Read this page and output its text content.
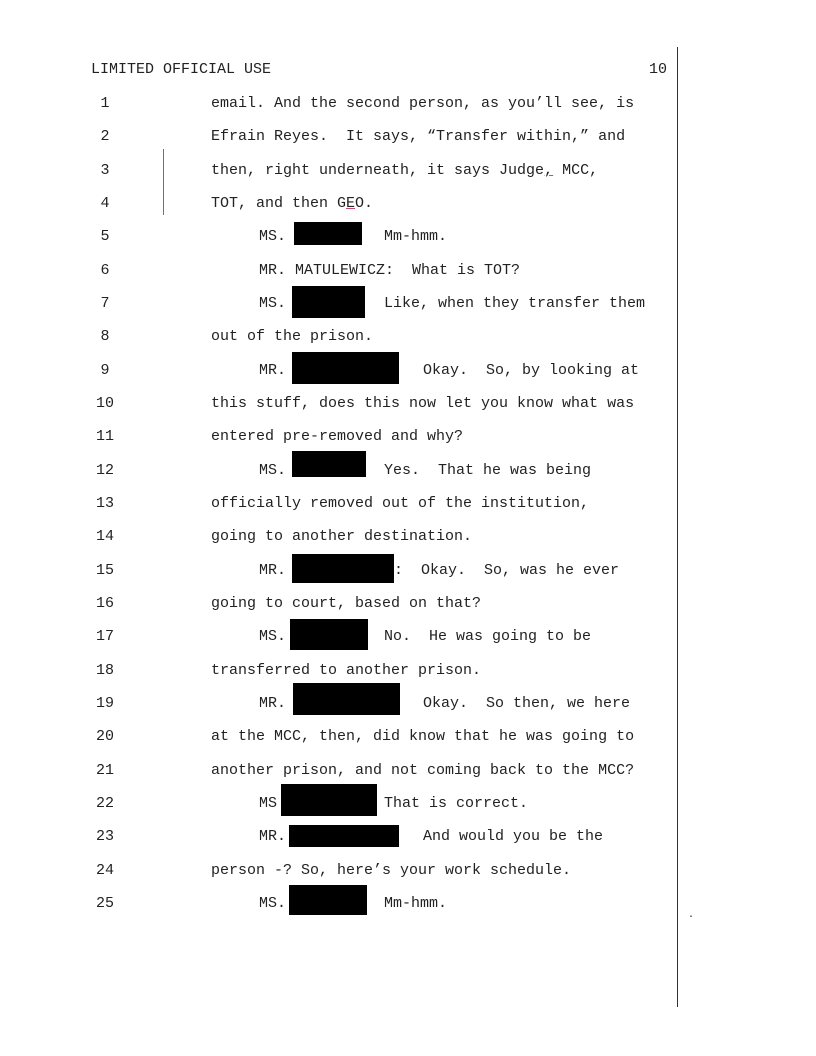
LIMITED OFFICIAL USE	10
.
1
2
3
4
5
6
7
8
9
10
11
12
13
14
15
16
17
18
19
20
21
22
23
24
25
email. And the second person, as you’ll see, is
Efrain Reyes.  It says, “Transfer within,” and
then, right underneath, it says Judge, MCC,
TOT, and then GEO.
MS.	Mm-hmm.
MR. MATULEWICZ:  What is TOT?
MS.	Like, when they transfer them
out of the prison.
MR.	Okay.  So, by looking at
this stuff, does this now let you know what was
entered pre-removed and why?
MS.	Yes.  That he was being
officially removed out of the institution,
going to another destination.
MR.	:  Okay.  So, was he ever
going to court, based on that?
MS.	No.  He was going to be
transferred to another prison.
MR.	Okay.  So then, we here
at the MCC, then, did know that he was going to
another prison, and not coming back to the MCC?
MS	That is correct.
MR.	And would you be the
person -? So, here’s your work schedule.
MS.	Mm-hmm.
